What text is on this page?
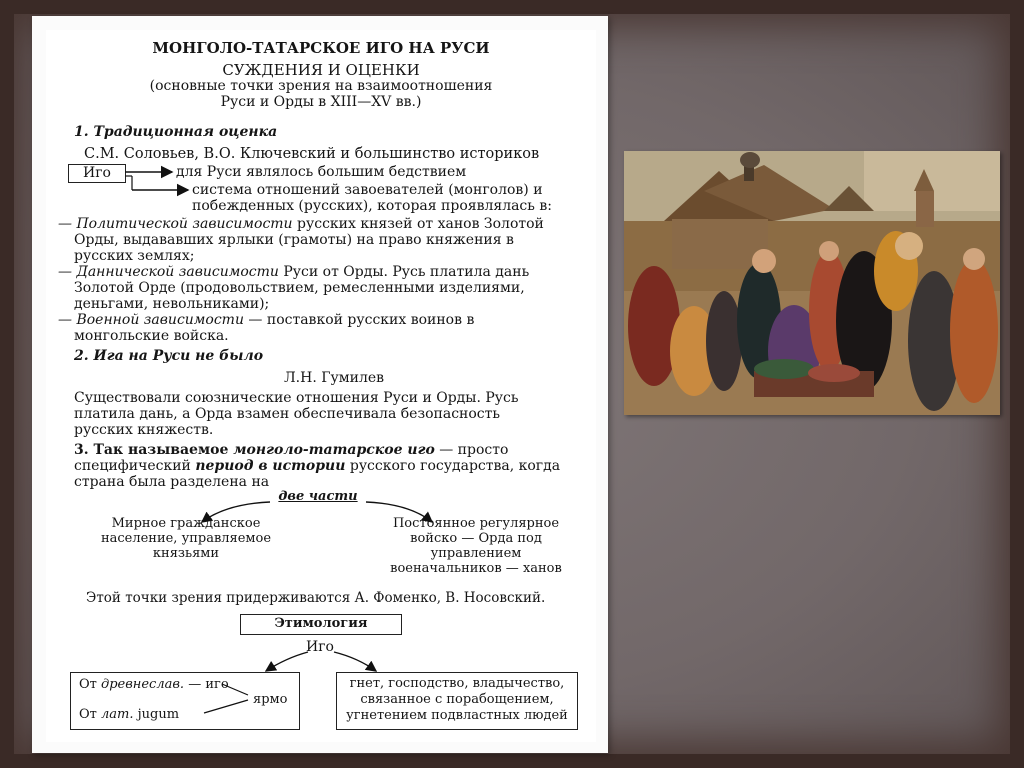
МОНГОЛО-ТАТАРСКОЕ ИГО НА РУСИ
СУЖДЕНИЯ И ОЦЕНКИ
(основные точки зрения на взаимоотношения
Руси и Орды в XIII—XV вв.)
1. Традиционная оценка
С.М. Соловьев, В.О. Ключевский и большинство историков
Иго	для Руси являлось большим бедствием
система отношений завоевателей (монголов) и
побежденных (русских), которая проявлялась в:
— Политической зависимости русских князей от ханов Золотой
Орды, выдававших ярлыки (грамоты) на право княжения в
русских землях;
— Даннической зависимости Руси от Орды. Русь платила дань
Золотой Орде (продовольствием, ремесленными изделиями,
деньгами, невольниками);
— Военной зависимости — поставкой русских воинов в
монгольские войска.
2. Ига на Руси не было
Л.Н. Гумилев
Существовали союзнические отношения Руси и Орды. Русь
платила дань, а Орда взамен обеспечивала безопасность
русских княжеств.
3. Так называемое монголо-татарское иго — просто
специфический период в истории русского государства, когда
страна была разделена на
две части
Мирное гражданское
население, управляемое
князьями
Постоянное регулярное
войско — Орда под
управлением
военачальников — ханов
Этой точки зрения придерживаются А. Фоменко, В. Носовский.
Этимология
Иго
От древнеслав. — иго
От лат. jugum
ярмо
гнет, господство, владычество,
связанное с порабощением,
угнетением подвластных людей
